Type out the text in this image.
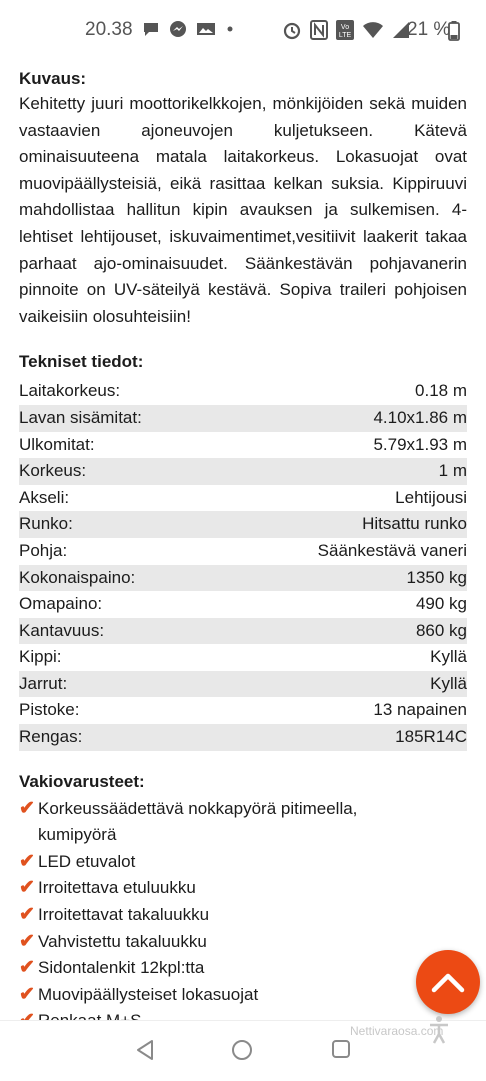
20.38	Vo
LTE	21 %

Kuvaus:

Kehitetty juuri moottorikelkkojen, mönkijöiden sekä muiden vastaavien ajoneuvojen kuljetukseen. Kätevä ominaisuuteena matala laitakorkeus. Lokasuojat ovat muovipäällysteisiä, eikä rasittaa kelkan suksia. Kippiruuvi mahdollistaa hallitun kipin avauksen ja sulkemisen. 4-lehtiset lehtijouset, iskuvaimentimet,vesitiivit laakerit takaa parhaat ajo-ominaisuudet. Säänkestävän pohjavanerin pinnoite on UV-säteilyä kestävä. Sopiva traileri pohjoisen vaikeisiin olosuhteisiin!

Tekniset tiedot:

Laitakorkeus:	0.18 m
Lavan sisämitat:	4.10x1.86 m
Ulkomitat:	5.79x1.93 m
Korkeus:	1 m
Akseli:	Lehtijousi
Runko:	Hitsattu runko
Pohja:	Säänkestävä vaneri
Kokonaispaino:	1350 kg
Omapaino:	490 kg
Kantavuus:	860 kg
Kippi:	Kyllä
Jarrut:	Kyllä
Pistoke:	13 napainen
Rengas:	185R14C

Vakiovarusteet:

✔ Korkeussäädettävä nokkapyörä pitimeella,
kumipyörä
✔ LED etuvalot
✔ Irroitettava etuluukku
✔ Irroitettavat takaluukku
✔ Vahvistettu takaluukku
✔ Sidontalenkit 12kpl:tta
✔ Muovipäällysteiset lokasuojat
Nettivaraosa.com
